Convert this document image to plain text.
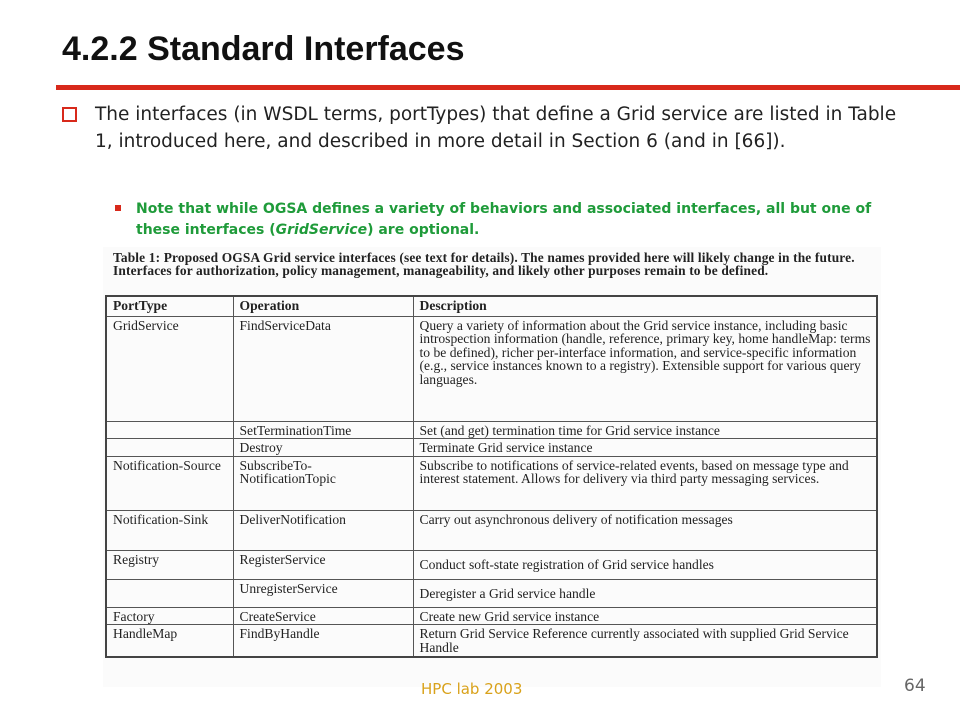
4.2.2 Standard Interfaces
The interfaces (in WSDL terms, portTypes) that define a Grid service are listed in Table 1, introduced here, and described in more detail in Section 6 (and in [66]).
Note that while OGSA defines a variety of behaviors and associated interfaces, all but one of these interfaces (GridService) are optional.
Table 1: Proposed OGSA Grid service interfaces (see text for details). The names provided here will likely change in the future. Interfaces for authorization, policy management, manageability, and likely other purposes remain to be defined.
PortType	Operation	Description
GridService	FindServiceData	Query a variety of information about the Grid service instance, including basic introspection information (handle, reference, primary key, home handleMap: terms to be defined), richer per-interface information, and service-specific information (e.g., service instances known to a registry). Extensible support for various query languages.
	SetTerminationTime	Set (and get) termination time for Grid service instance
	Destroy	Terminate Grid service instance
Notification-Source	SubscribeTo-NotificationTopic	Subscribe to notifications of service-related events, based on message type and interest statement. Allows for delivery via third party messaging services.
Notification-Sink	DeliverNotification	Carry out asynchronous delivery of notification messages
Registry	RegisterService	Conduct soft-state registration of Grid service handles
	UnregisterService	Deregister a Grid service handle
Factory	CreateService	Create new Grid service instance
HandleMap	FindByHandle	Return Grid Service Reference currently associated with supplied Grid Service Handle
HPC lab 2003	64
